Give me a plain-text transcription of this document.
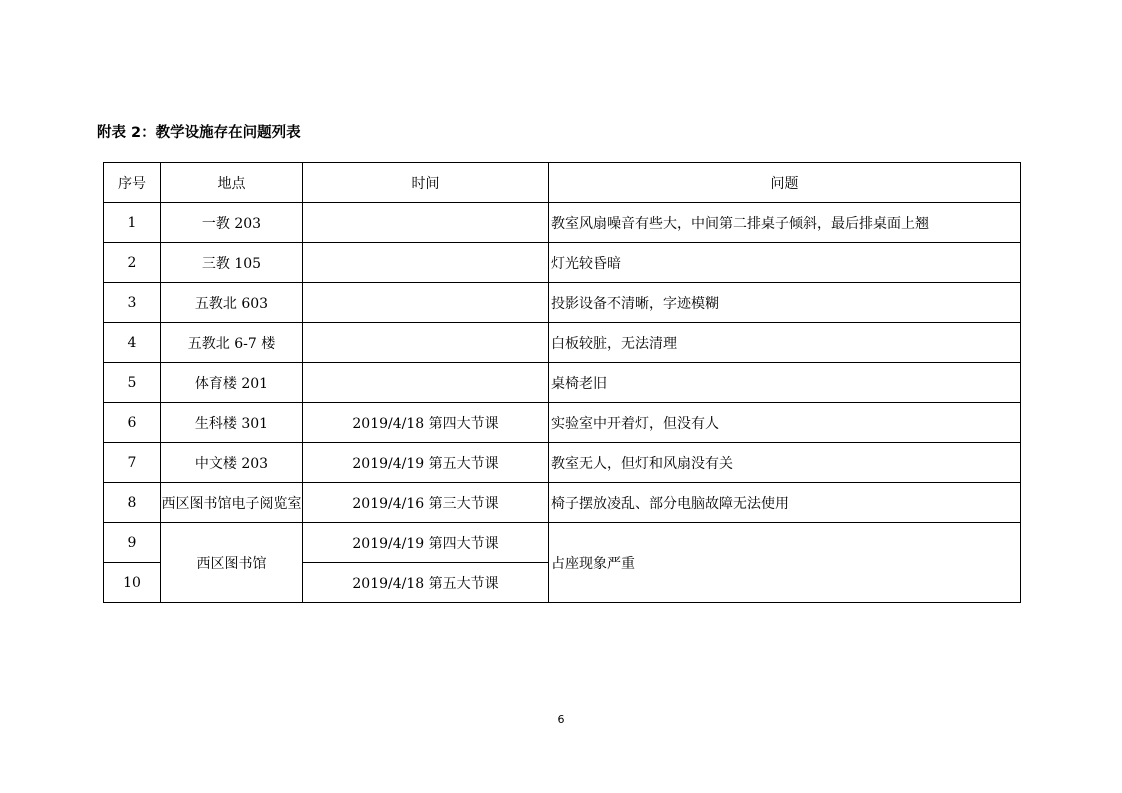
附表 2：教学设施存在问题列表
序号	地点	时间	问题
1	一教 203		教室风扇噪音有些大，中间第二排桌子倾斜，最后排桌面上翘
2	三教 105		灯光较昏暗
3	五教北 603		投影设备不清晰，字迹模糊
4	五教北 6-7 楼		白板较脏，无法清理
5	体育楼 201		桌椅老旧
6	生科楼 301	2019/4/18 第四大节课	实验室中开着灯，但没有人
7	中文楼 203	2019/4/19 第五大节课	教室无人，但灯和风扇没有关
8	西区图书馆电子阅览室	2019/4/16 第三大节课	椅子摆放凌乱、部分电脑故障无法使用
9	西区图书馆	2019/4/19 第四大节课	占座现象严重
10		2019/4/18 第五大节课	
6
